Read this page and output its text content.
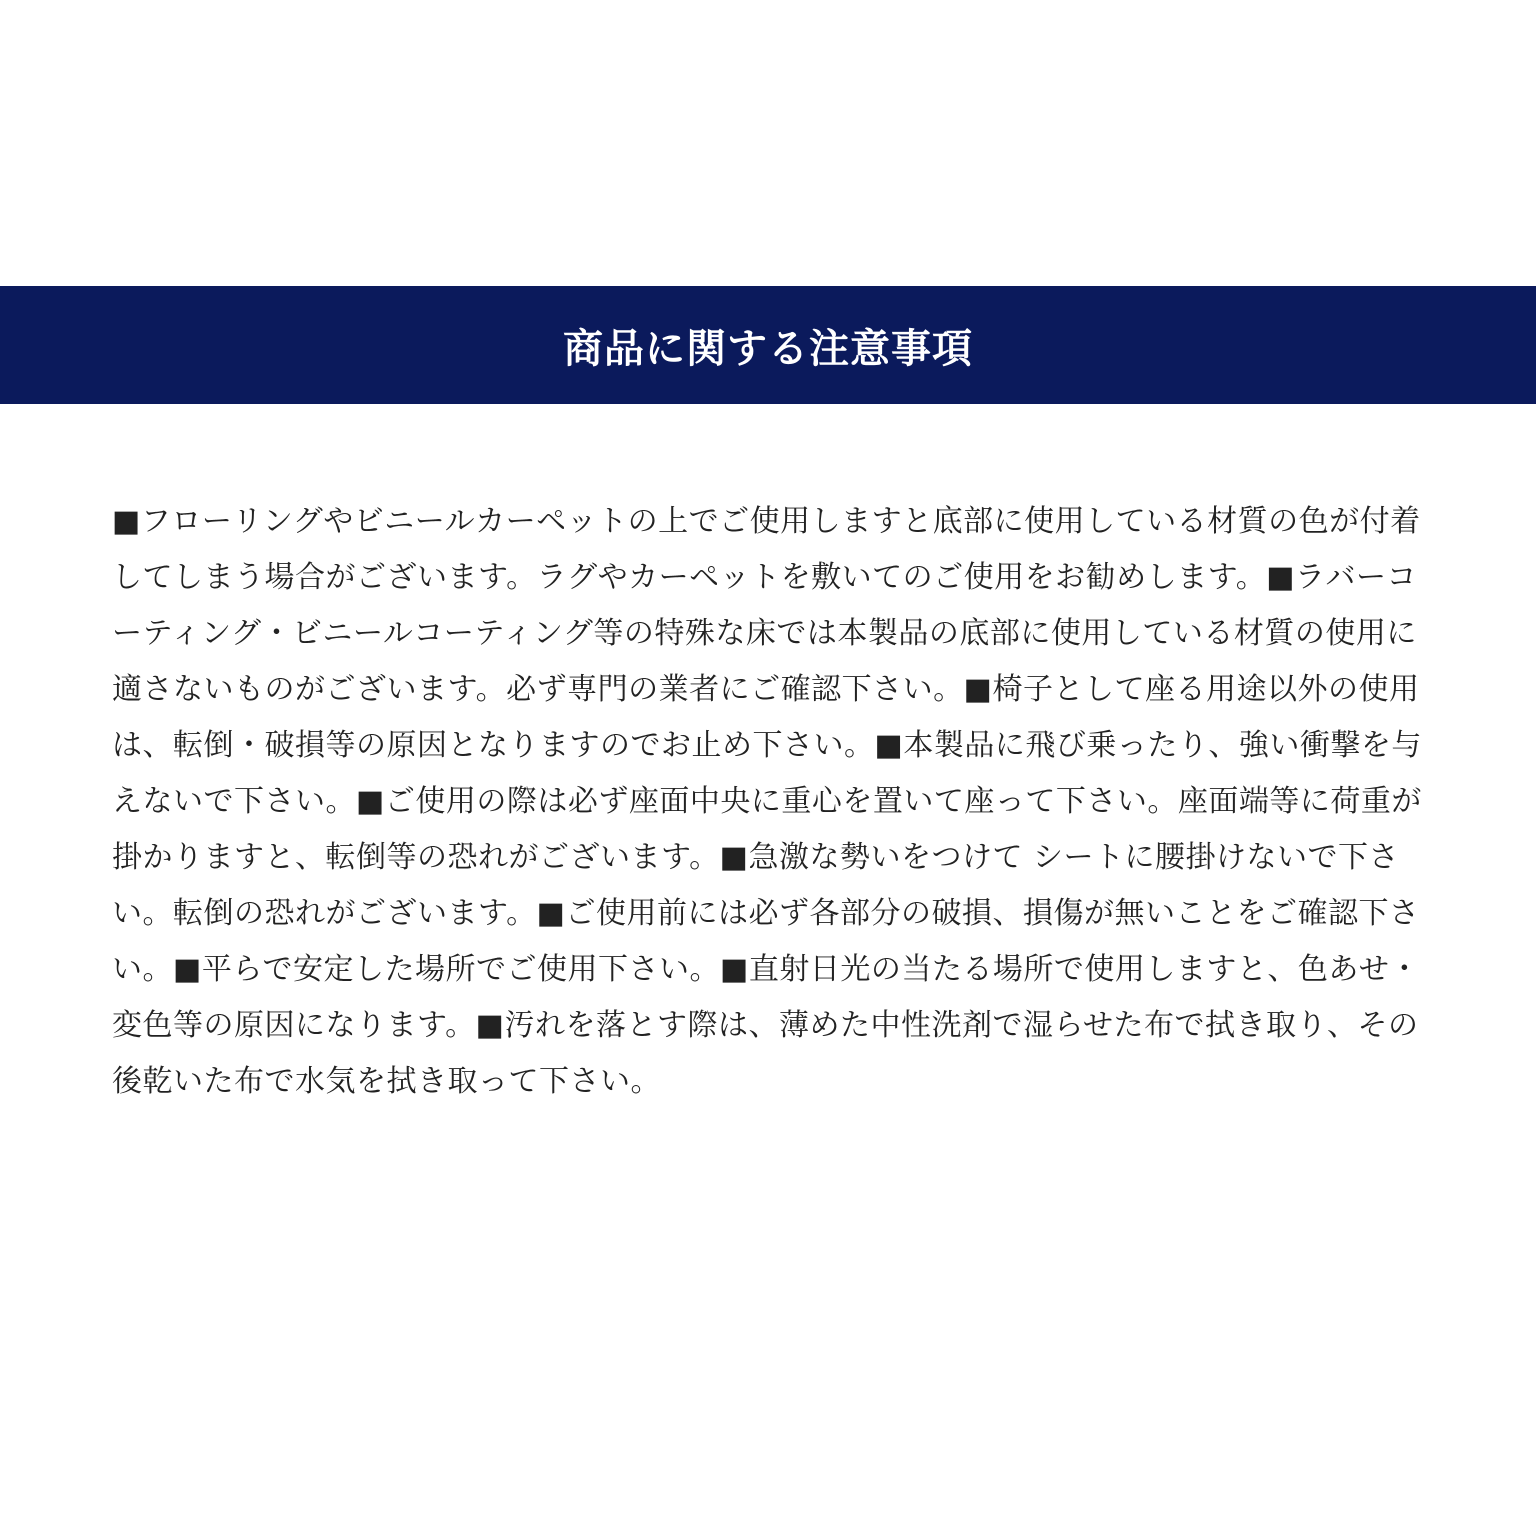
商品に関する注意事項
■フローリングやビニールカーペットの上でご使用しますと底部に使用している材質の色が付着してしまう場合がございます。ラグやカーペットを敷いてのご使用をお勧めします。■ラバーコーティング・ビニールコーティング等の特殊な床では本製品の底部に使用している材質の使用に適さないものがございます。必ず専門の業者にご確認下さい。■椅子として座る用途以外の使用は、転倒・破損等の原因となりますのでお止め下さい。■本製品に飛び乗ったり、強い衝撃を与えないで下さい。■ご使用の際は必ず座面中央に重心を置いて座って下さい。座面端等に荷重が掛かりますと、転倒等の恐れがございます。■急激な勢いをつけて シートに腰掛けないで下さい。転倒の恐れがございます。■ご使用前には必ず各部分の破損、損傷が無いことをご確認下さい。■平らで安定した場所でご使用下さい。■直射日光の当たる場所で使用しますと、色あせ・変色等の原因になります。■汚れを落とす際は、薄めた中性洗剤で湿らせた布で拭き取り、その後乾いた布で水気を拭き取って下さい。
